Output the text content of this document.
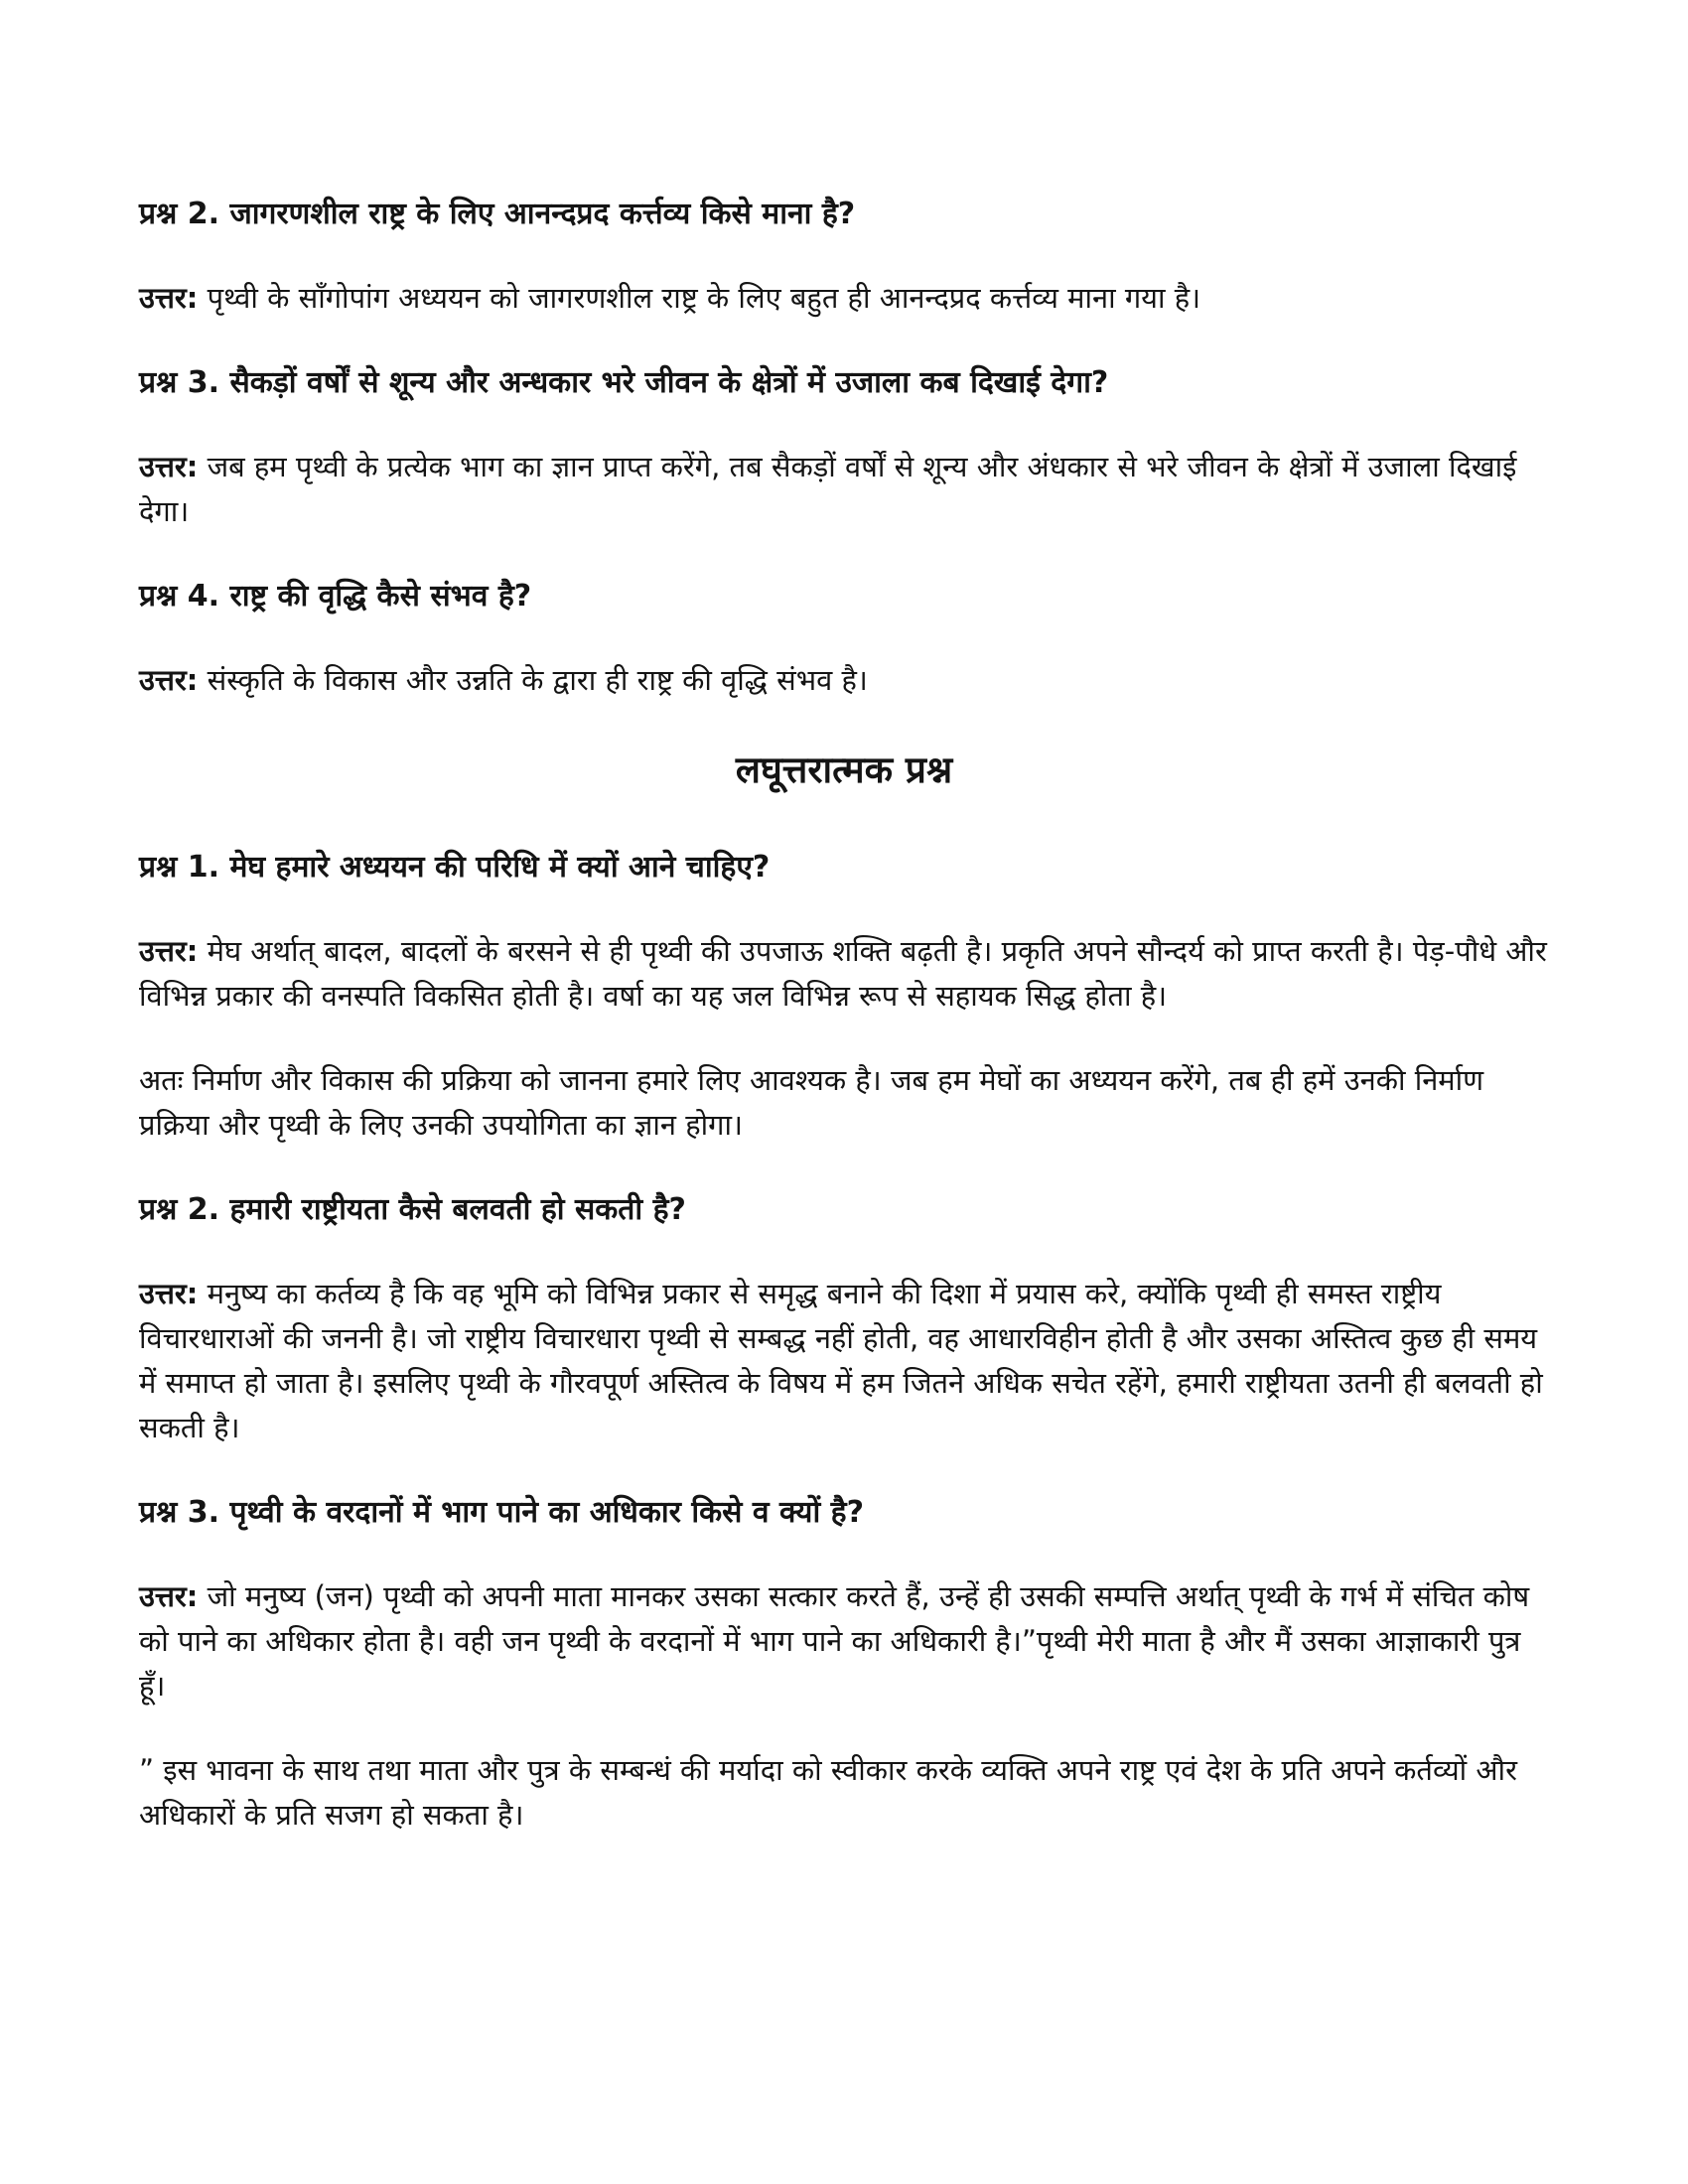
प्रश्न 2. जागरणशील राष्ट्र के लिए आनन्दप्रद कर्त्तव्य किसे माना है?

उत्तर: पृथ्वी के साँगोपांग अध्ययन को जागरणशील राष्ट्र के लिए बहुत ही आनन्दप्रद कर्त्तव्य माना गया है।

प्रश्न 3. सैकड़ों वर्षों से शून्य और अन्धकार भरे जीवन के क्षेत्रों में उजाला कब दिखाई देगा?

उत्तर: जब हम पृथ्वी के प्रत्येक भाग का ज्ञान प्राप्त करेंगे, तब सैकड़ों वर्षों से शून्य और अंधकार से भरे जीवन के क्षेत्रों में उजाला दिखाई देगा।

प्रश्न 4. राष्ट्र की वृद्धि कैसे संभव है?

उत्तर: संस्कृति के विकास और उन्नति के द्वारा ही राष्ट्र की वृद्धि संभव है।

लघूत्तरात्मक प्रश्न

प्रश्न 1. मेघ हमारे अध्ययन की परिधि में क्यों आने चाहिए?

उत्तर: मेघ अर्थात् बादल, बादलों के बरसने से ही पृथ्वी की उपजाऊ शक्ति बढ़ती है। प्रकृति अपने सौन्दर्य को प्राप्त करती है। पेड़-पौधे और विभिन्न प्रकार की वनस्पति विकसित होती है। वर्षा का यह जल विभिन्न रूप से सहायक सिद्ध होता है।

अतः निर्माण और विकास की प्रक्रिया को जानना हमारे लिए आवश्यक है। जब हम मेघों का अध्ययन करेंगे, तब ही हमें उनकी निर्माण प्रक्रिया और पृथ्वी के लिए उनकी उपयोगिता का ज्ञान होगा।

प्रश्न 2. हमारी राष्ट्रीयता कैसे बलवती हो सकती है?

उत्तर: मनुष्य का कर्तव्य है कि वह भूमि को विभिन्न प्रकार से समृद्ध बनाने की दिशा में प्रयास करे, क्योंकि पृथ्वी ही समस्त राष्ट्रीय विचारधाराओं की जननी है। जो राष्ट्रीय विचारधारा पृथ्वी से सम्बद्ध नहीं होती, वह आधारविहीन होती है और उसका अस्तित्व कुछ ही समय में समाप्त हो जाता है। इसलिए पृथ्वी के गौरवपूर्ण अस्तित्व के विषय में हम जितने अधिक सचेत रहेंगे, हमारी राष्ट्रीयता उतनी ही बलवती हो सकती है।

प्रश्न 3. पृथ्वी के वरदानों में भाग पाने का अधिकार किसे व क्यों है?

उत्तर: जो मनुष्य (जन) पृथ्वी को अपनी माता मानकर उसका सत्कार करते हैं, उन्हें ही उसकी सम्पत्ति अर्थात् पृथ्वी के गर्भ में संचित कोष को पाने का अधिकार होता है। वही जन पृथ्वी के वरदानों में भाग पाने का अधिकारी है।”पृथ्वी मेरी माता है और मैं उसका आज्ञाकारी पुत्र हूँ।

” इस भावना के साथ तथा माता और पुत्र के सम्बन्धं की मर्यादा को स्वीकार करके व्यक्ति अपने राष्ट्र एवं देश के प्रति अपने कर्तव्यों और अधिकारों के प्रति सजग हो सकता है।
